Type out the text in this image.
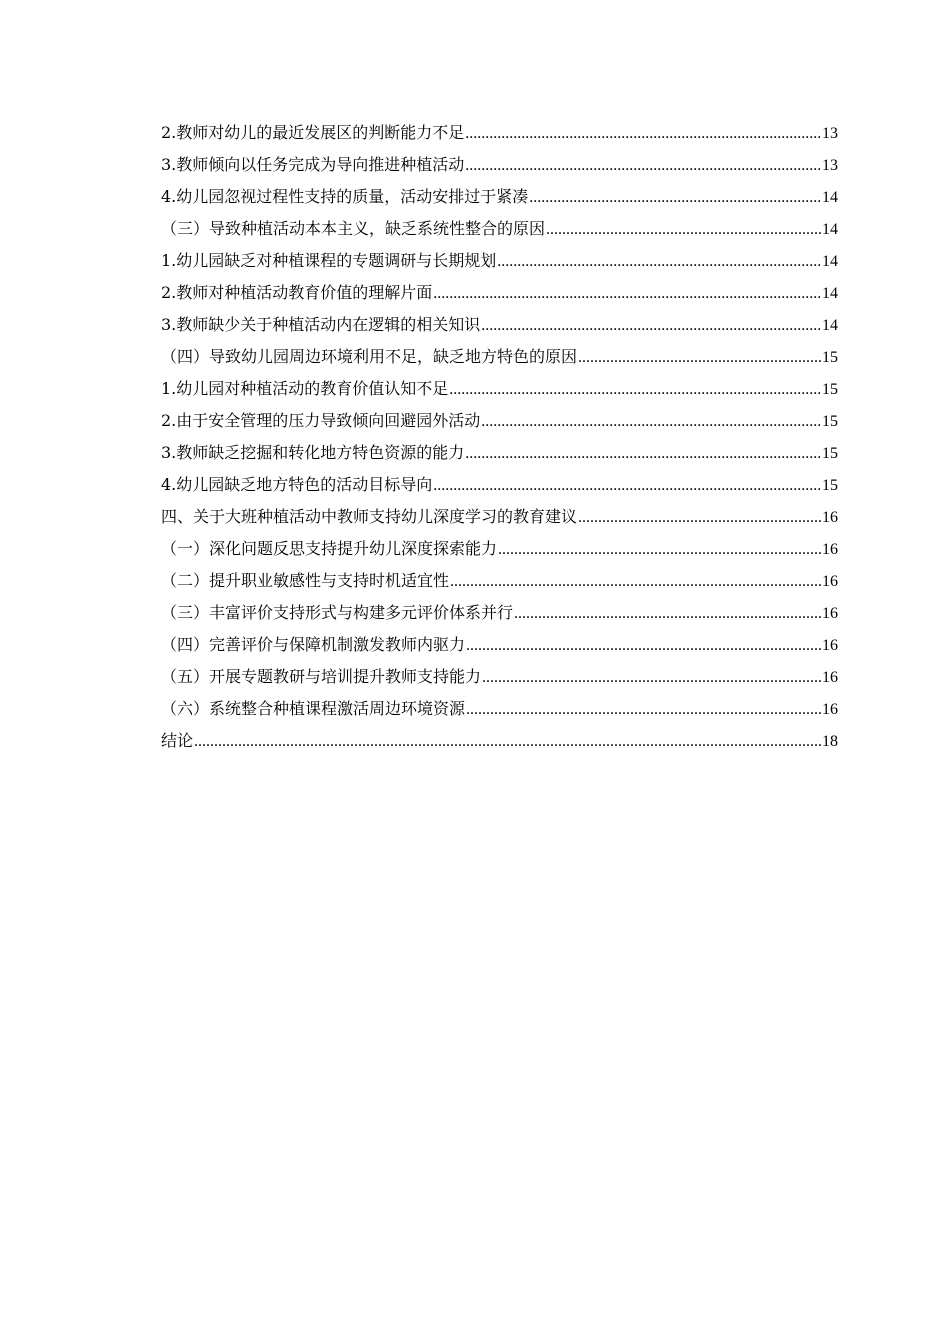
2.教师对幼儿的最近发展区的判断能力不足 .....	13
3.教师倾向以任务完成为导向推进种植活动 .....	13
4.幼儿园忽视过程性支持的质量，活动安排过于紧凑 .....	14
（三）导致种植活动本本主义，缺乏系统性整合的原因 .....	14
1.幼儿园缺乏对种植课程的专题调研与长期规划 .....	14
2.教师对种植活动教育价值的理解片面 .....	14
3.教师缺少关于种植活动内在逻辑的相关知识 .....	14
（四）导致幼儿园周边环境利用不足，缺乏地方特色的原因 .....	15
1.幼儿园对种植活动的教育价值认知不足 .....	15
2.由于安全管理的压力导致倾向回避园外活动 .....	15
3.教师缺乏挖掘和转化地方特色资源的能力 .....	15
4.幼儿园缺乏地方特色的活动目标导向 .....	15
四、关于大班种植活动中教师支持幼儿深度学习的教育建议 .....	16
（一）深化问题反思支持提升幼儿深度探索能力 .....	16
（二）提升职业敏感性与支持时机适宜性 .....	16
（三）丰富评价支持形式与构建多元评价体系并行 .....	16
（四）完善评价与保障机制激发教师内驱力 .....	16
（五）开展专题教研与培训提升教师支持能力 .....	16
（六）系统整合种植课程激活周边环境资源 .....	16
结论 .....	18
